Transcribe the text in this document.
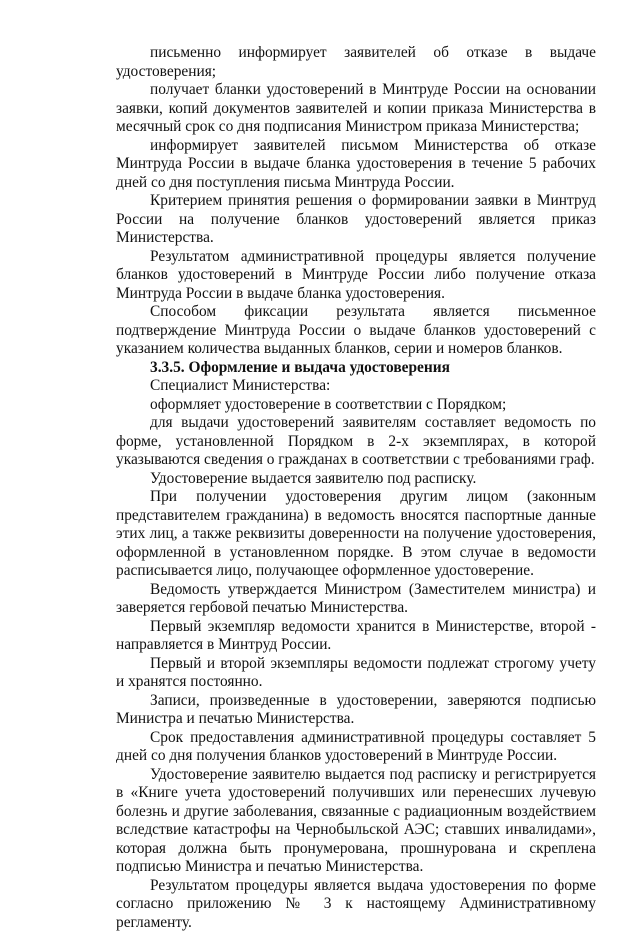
письменно информирует заявителей об отказе в выдаче удостоверения;

получает бланки удостоверений в Минтруде России на основании заявки, копий документов заявителей и копии приказа Министерства в месячный срок со дня подписания Министром приказа Министерства;

информирует заявителей письмом Министерства об отказе Минтруда России в выдаче бланка удостоверения в течение 5 рабочих дней со дня поступления письма Минтруда России.

Критерием принятия решения о формировании заявки в Минтруд России на получение бланков удостоверений является приказ Министерства.

Результатом административной процедуры является получение бланков удостоверений в Минтруде России либо получение отказа Минтруда России в выдаче бланка удостоверения.

Способом фиксации результата является письменное подтверждение Минтруда России о выдаче бланков удостоверений с указанием количества выданных бланков, серии и номеров бланков.

3.3.5. Оформление и выдача удостоверения

Специалист Министерства:

оформляет удостоверение в соответствии с Порядком;

для выдачи удостоверений заявителям составляет ведомость по форме, установленной Порядком в 2-х экземплярах, в которой указываются сведения о гражданах в соответствии с требованиями граф.

Удостоверение выдается заявителю под расписку.

При получении удостоверения другим лицом (законным представителем гражданина) в ведомость вносятся паспортные данные этих лиц, а также реквизиты доверенности на получение удостоверения, оформленной в установленном порядке. В этом случае в ведомости расписывается лицо, получающее оформленное удостоверение.

Ведомость утверждается Министром (Заместителем министра) и заверяется гербовой печатью Министерства.

Первый экземпляр ведомости хранится в Министерстве, второй - направляется в Минтруд России.

Первый и второй экземпляры ведомости подлежат строгому учету и хранятся постоянно.

Записи, произведенные в удостоверении, заверяются подписью Министра и печатью Министерства.

Срок предоставления административной процедуры составляет 5 дней со дня получения бланков удостоверений в Минтруде России.

Удостоверение заявителю выдается под расписку и регистрируется в «Книге учета удостоверений получивших или перенесших лучевую болезнь и другие заболевания, связанные с радиационным воздействием вследствие катастрофы на Чернобыльской АЭС; ставших инвалидами», которая должна быть пронумерована, прошнурована и скреплена подписью Министра и печатью Министерства.

Результатом процедуры является выдача удостоверения по форме согласно приложению № 3 к настоящему Административному регламенту.
